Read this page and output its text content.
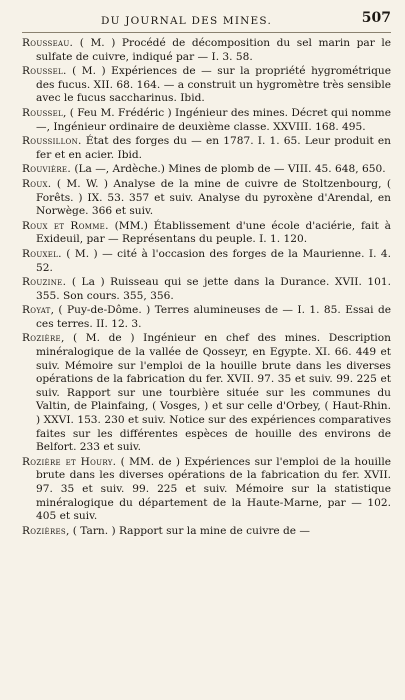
DU JOURNAL DES MINES.	507

Rousseau. ( M. ) Procédé de décomposition du sel marin par le sulfate de cuivre, indiqué par — I. 3. 58.

Roussel. ( M. ) Expériences de — sur la propriété hygrométrique des fucus. XII. 68. 164. — a construit un hygromètre très sensible avec le fucus saccharinus. Ibid.

Roussel, ( Feu M. Frédéric ) Ingénieur des mines. Décret qui nomme —, Ingénieur ordinaire de deuxième classe. XXVIII. 168. 495.

Roussillon. État des forges du — en 1787. I. 1. 65. Leur produit en fer et en acier. Ibid.

Rouvière. (La —, Ardèche.) Mines de plomb de — VIII. 45. 648, 650.

Roux. ( M. W. ) Analyse de la mine de cuivre de Stoltzenbourg, ( Forêts. ) IX. 53. 357 et suiv. Analyse du pyroxène d'Arendal, en Norwège. 366 et suiv.

Roux et Romme. (MM.) Établissement d'une école d'aciérie, fait à Exideuil, par — Représentans du peuple. I. 1. 120.

Rouxel. ( M. ) — cité à l'occasion des forges de la Maurienne. I. 4. 52.

Rouzine. ( La ) Ruisseau qui se jette dans la Durance. XVII. 101. 355. Son cours. 355, 356.

Royat, ( Puy-de-Dôme. ) Terres alumineuses de — I. 1. 85. Essai de ces terres. II. 12. 3.

Rozière, ( M. de ) Ingénieur en chef des mines. Description minéralogique de la vallée de Qosseyr, en Egypte. XI. 66. 449 et suiv. Mémoire sur l'emploi de la houille brute dans les diverses opérations de la fabrication du fer. XVII. 97. 35 et suiv. 99. 225 et suiv. Rapport sur une tourbière située sur les communes du Valtin, de Plainfaing, ( Vosges, ) et sur celle d'Orbey, ( Haut-Rhin. ) XXVI. 153. 230 et suiv. Notice sur des expériences comparatives faites sur les différentes espèces de houille des environs de Belfort. 233 et suiv.

Rozière et Houry. ( MM. de ) Expériences sur l'emploi de la houille brute dans les diverses opérations de la fabrication du fer. XVII. 97. 35 et suiv. 99. 225 et suiv. Mémoire sur la statistique minéralogique du département de la Haute-Marne, par — 102. 405 et suiv.

Rozières, ( Tarn. ) Rapport sur la mine de cuivre de —
